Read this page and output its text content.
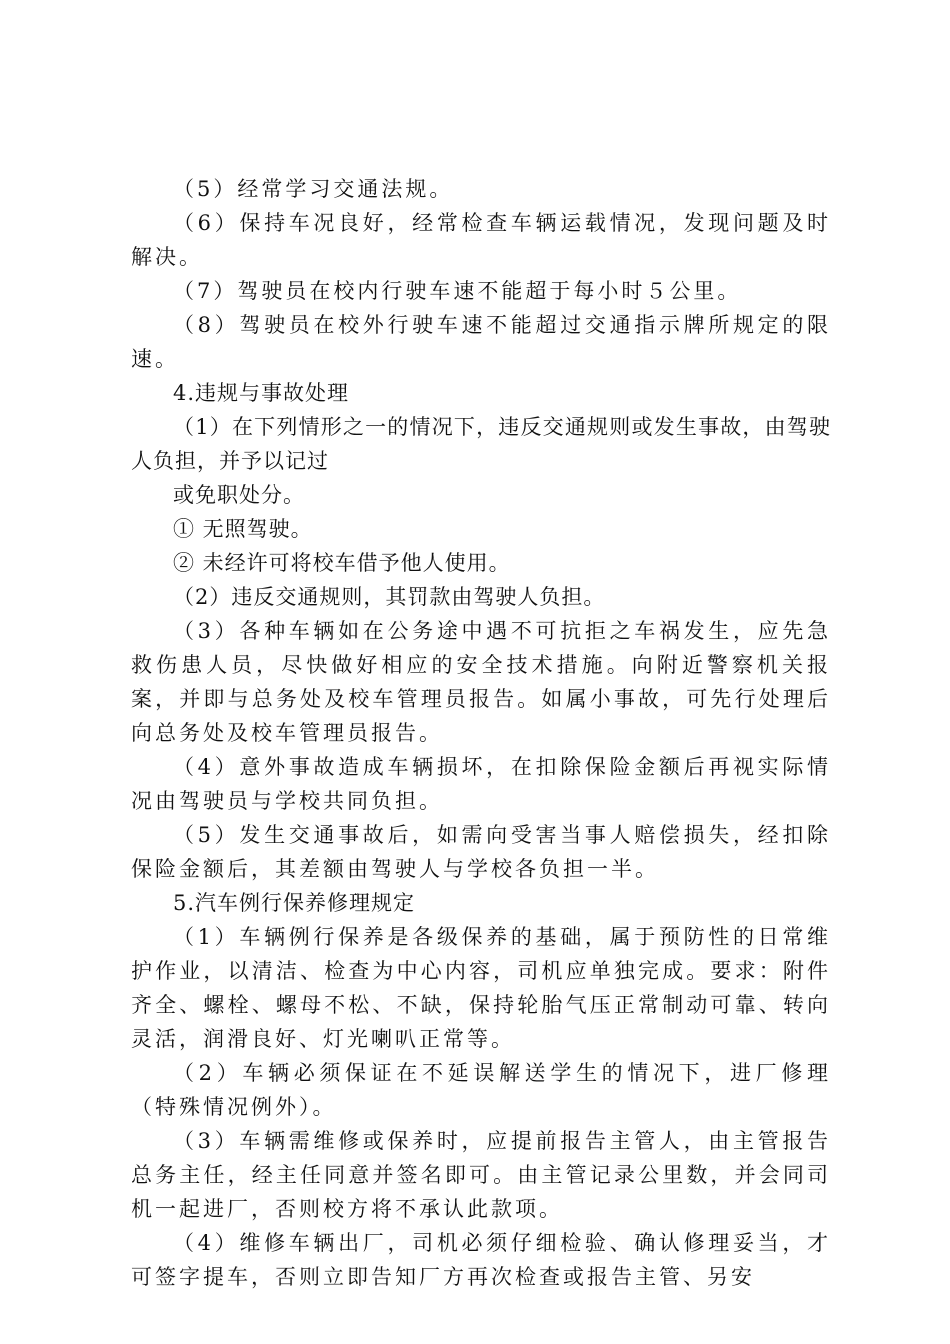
（5）经常学习交通法规。

（6）保持车况良好，经常检查车辆运载情况，发现问题及时解决。

（7）驾驶员在校内行驶车速不能超于每小时５公里。

（8）驾驶员在校外行驶车速不能超过交通指示牌所规定的限速。

4.违规与事故处理

（1）在下列情形之一的情况下，违反交通规则或发生事故，由驾驶人负担，并予以记过

或免职处分。

① 无照驾驶。

② 未经许可将校车借予他人使用。

（2）违反交通规则，其罚款由驾驶人负担。

（3）各种车辆如在公务途中遇不可抗拒之车祸发生，应先急救伤患人员，尽快做好相应的安全技术措施。向附近警察机关报案，并即与总务处及校车管理员报告。如属小事故，可先行处理后向总务处及校车管理员报告。

（4）意外事故造成车辆损坏，在扣除保险金额后再视实际情况由驾驶员与学校共同负担。

（5）发生交通事故后，如需向受害当事人赔偿损失，经扣除保险金额后，其差额由驾驶人与学校各负担一半。

5.汽车例行保养修理规定

（1）车辆例行保养是各级保养的基础，属于预防性的日常维护作业，以清洁、检查为中心内容，司机应单独完成。要求：附件齐全、螺栓、螺母不松、不缺，保持轮胎气压正常制动可靠、转向灵活，润滑良好、灯光喇叭正常等。

（2）车辆必须保证在不延误解送学生的情况下，进厂修理（特殊情况例外）。

（3）车辆需维修或保养时，应提前报告主管人，由主管报告总务主任，经主任同意并签名即可。由主管记录公里数，并会同司机一起进厂，否则校方将不承认此款项。

（4）维修车辆出厂，司机必须仔细检验、确认修理妥当，才可签字提车，否则立即告知厂方再次检查或报告主管、另安
